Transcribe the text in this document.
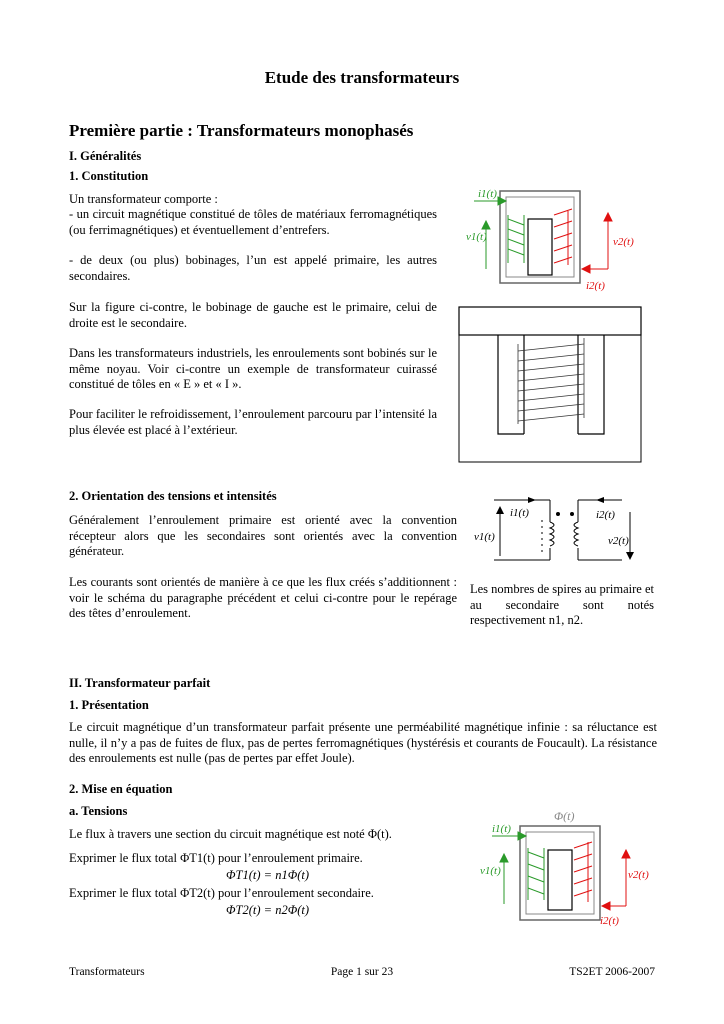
Etude des transformateurs
Première partie : Transformateurs monophasés
I. Généralités
1. Constitution
Un transformateur comporte :
- un circuit magnétique constitué de tôles de matériaux ferromagnétiques (ou ferrimagnétiques) et éventuellement d’entrefers.
- de deux (ou plus) bobinages, l’un est appelé primaire, les autres secondaires.
Sur la figure ci-contre, le bobinage de gauche est le primaire, celui de droite est le secondaire.
Dans les transformateurs industriels, les enroulements sont bobinés sur le même noyau. Voir ci-contre un exemple de transformateur cuirassé constitué de tôles en « E » et « I ».
Pour faciliter le refroidissement, l’enroulement parcouru par l’intensité la plus élevée est placé à l’extérieur.
2. Orientation des tensions et intensités
Généralement l’enroulement primaire est orienté avec la convention récepteur alors que les secondaires sont orientés avec la convention générateur.
Les courants sont orientés de manière à ce que les flux créés s’additionnent : voir le schéma du paragraphe précédent et celui ci-contre pour le repérage des têtes d’enroulement.
Les nombres de spires au primaire et au secondaire sont notés respectivement n1, n2.
II. Transformateur parfait
1. Présentation
Le circuit magnétique d’un transformateur parfait présente une perméabilité magnétique infinie : sa réluctance est nulle, il n’y a pas de fuites de flux, pas de pertes ferromagnétiques (hystérésis et courants de Foucault). La résistance des enroulements est nulle (pas de pertes par effet Joule).
2. Mise en équation
a. Tensions
Le flux à travers une section du circuit magnétique est noté Φ(t).
Exprimer le flux total ΦT1(t) pour l’enroulement primaire.
ΦT1(t) = n1Φ(t)
Exprimer le flux total ΦT2(t) pour l’enroulement secondaire.
ΦT2(t) = n2Φ(t)
i1(t)
v1(t)	v2(t)
i2(t)
i1(t)
v1(t)
i2(t)
v2(t)
Φ(t)
i1(t)
v1(t)	v2(t)
i2(t)
Transformateurs	Page 1 sur 23	TS2ET 2006-2007
